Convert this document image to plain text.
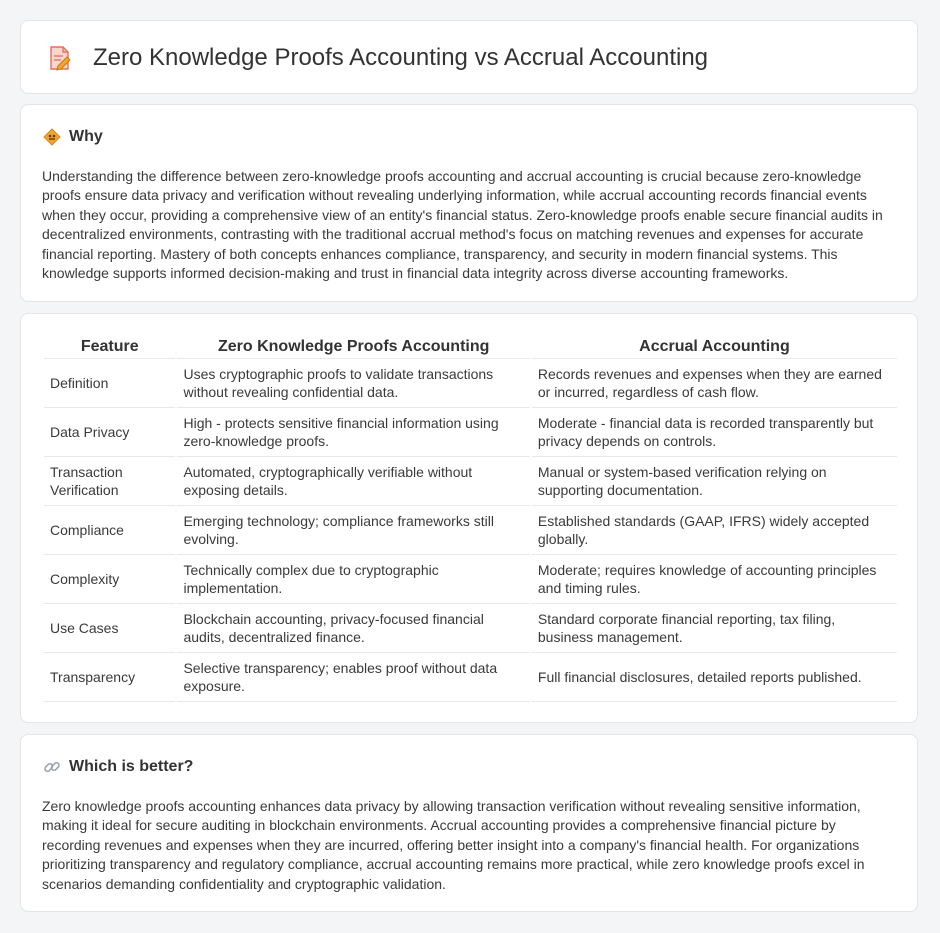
Zero Knowledge Proofs Accounting vs Accrual Accounting
Why

Understanding the difference between zero-knowledge proofs accounting and accrual accounting is crucial because zero-knowledge proofs ensure data privacy and verification without revealing underlying information, while accrual accounting records financial events when they occur, providing a comprehensive view of an entity's financial status. Zero-knowledge proofs enable secure financial audits in decentralized environments, contrasting with the traditional accrual method's focus on matching revenues and expenses for accurate financial reporting. Mastery of both concepts enhances compliance, transparency, and security in modern financial systems. This knowledge supports informed decision-making and trust in financial data integrity across diverse accounting frameworks.

Feature	Zero Knowledge Proofs Accounting	Accrual Accounting
Definition	Uses cryptographic proofs to validate transactions without revealing confidential data.	Records revenues and expenses when they are earned or incurred, regardless of cash flow.
Data Privacy	High - protects sensitive financial information using zero-knowledge proofs.	Moderate - financial data is recorded transparently but privacy depends on controls.
Transaction Verification	Automated, cryptographically verifiable without exposing details.	Manual or system-based verification relying on supporting documentation.
Compliance	Emerging technology; compliance frameworks still evolving.	Established standards (GAAP, IFRS) widely accepted globally.
Complexity	Technically complex due to cryptographic implementation.	Moderate; requires knowledge of accounting principles and timing rules.
Use Cases	Blockchain accounting, privacy-focused financial audits, decentralized finance.	Standard corporate financial reporting, tax filing, business management.
Transparency	Selective transparency; enables proof without data exposure.	Full financial disclosures, detailed reports published.
Which is better?

Zero knowledge proofs accounting enhances data privacy by allowing transaction verification without revealing sensitive information, making it ideal for secure auditing in blockchain environments. Accrual accounting provides a comprehensive financial picture by recording revenues and expenses when they are incurred, offering better insight into a company's financial health. For organizations prioritizing transparency and regulatory compliance, accrual accounting remains more practical, while zero knowledge proofs excel in scenarios demanding confidentiality and cryptographic validation.
